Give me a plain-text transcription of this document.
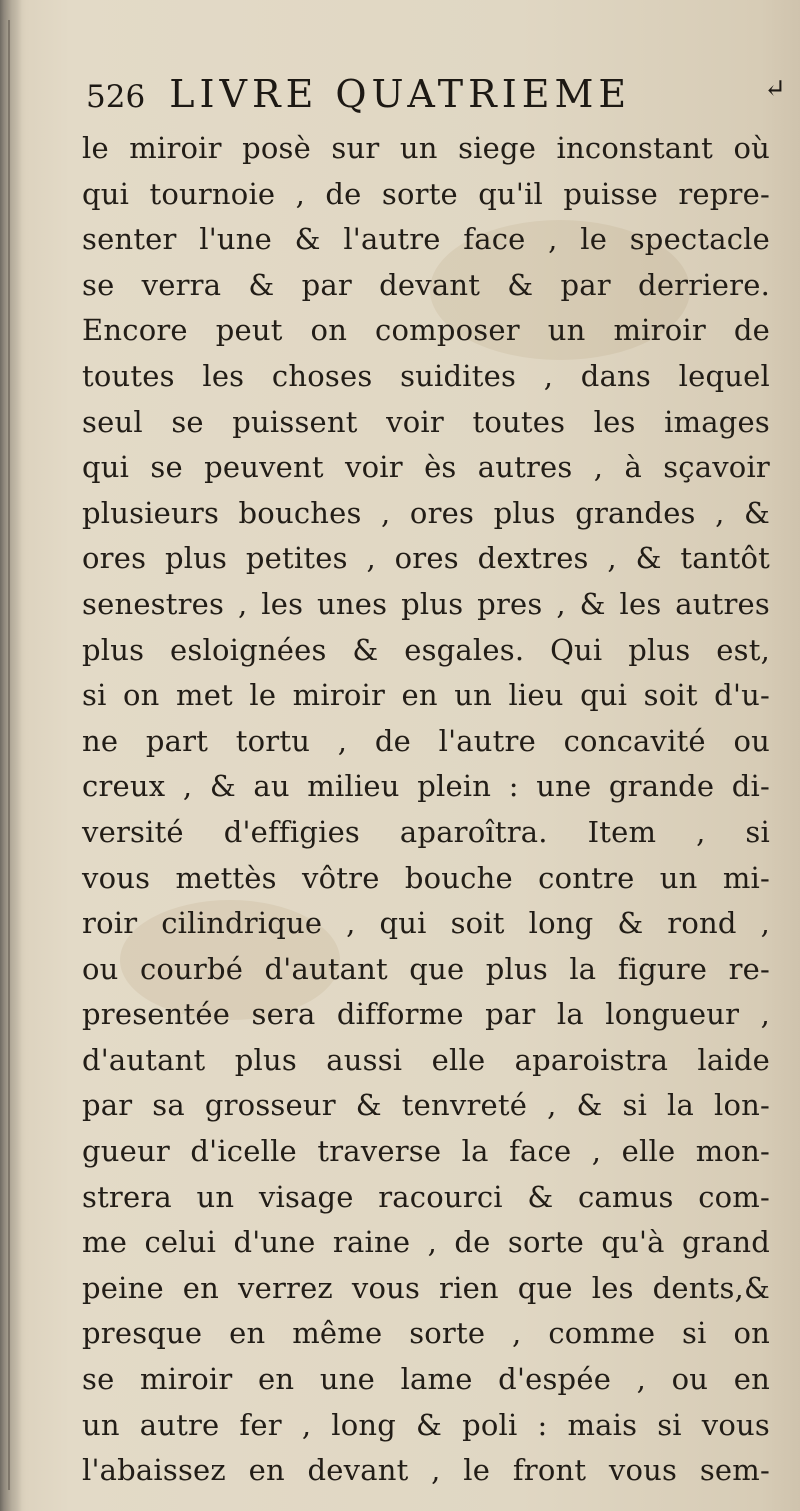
526 LIVRE QUATRIEME	↵
le miroir posè sur un siege inconstant où
qui tournoie , de sorte qu'il puisse repre-
senter l'une & l'autre face , le spectacle
se verra & par devant & par derriere.
Encore peut on composer un miroir de
toutes les choses suidites , dans lequel
seul se puissent voir toutes les images
qui se peuvent voir ès autres , à sçavoir
plusieurs bouches , ores plus grandes , &
ores plus petites , ores dextres , & tantôt
senestres , les unes plus pres , & les autres
plus esloignées & esgales. Qui plus est,
si on met le miroir en un lieu qui soit d'u-
ne part tortu , de l'autre concavité ou
creux , & au milieu plein : une grande di-
versité d'effigies aparoîtra. Item , si
vous mettès vôtre bouche contre un mi-
roir cilindrique , qui soit long & rond ,
ou courbé d'autant que plus la figure re-
presentée sera difforme par la longueur ,
d'autant plus aussi elle aparoistra laide
par sa grosseur & tenvreté , & si la lon-
gueur d'icelle traverse la face , elle mon-
strera un visage racourci & camus com-
me celui d'une raine , de sorte qu'à grand
peine en verrez vous rien que les dents,&
presque en même sorte , comme si on
se miroir en une lame d'espée , ou en
un autre fer , long & poli : mais si vous
l'abaissez en devant , le front vous sem-
